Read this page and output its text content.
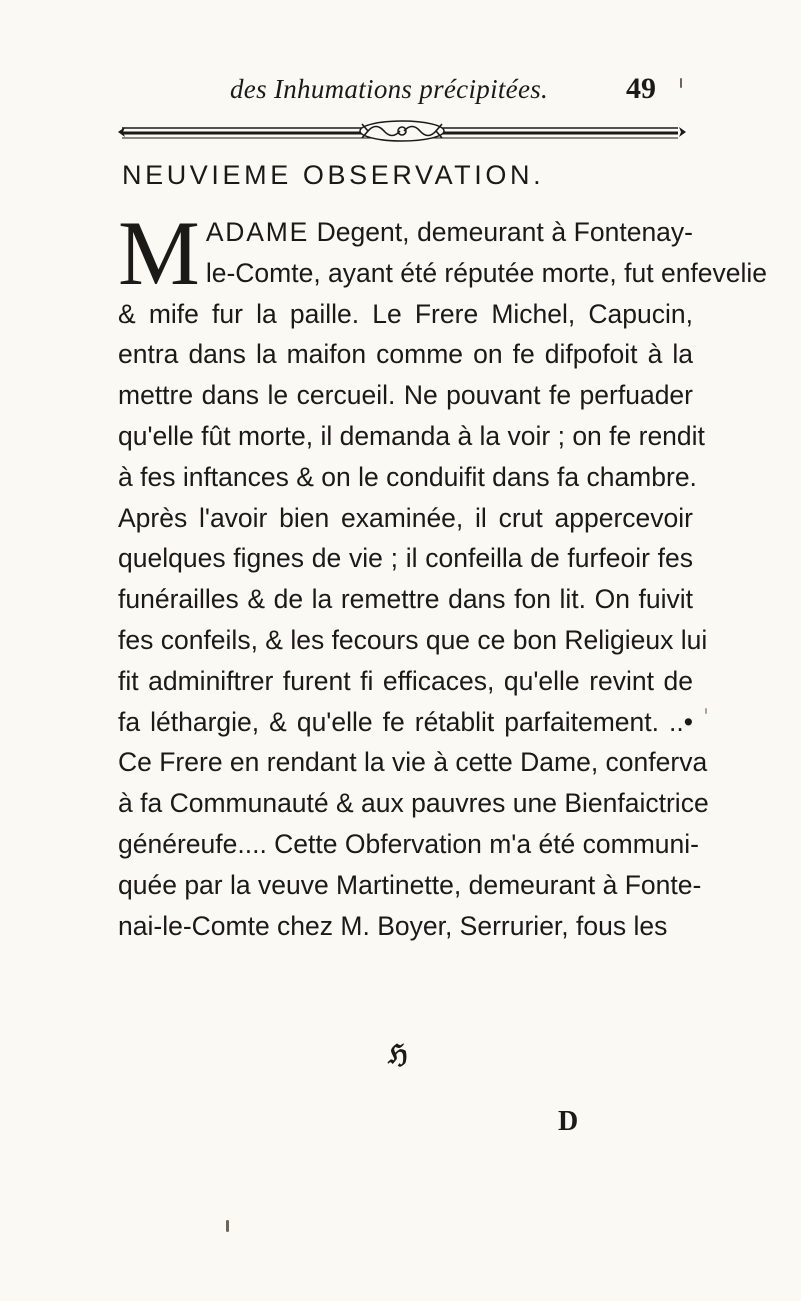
des Inhumations précipitées.	49
NEUVIEME OBSERVATION.
M ADAME Degent, demeurant à Fontenay-
le-Comte, ayant été réputée morte, fut enfevelie
& mife fur la paille. Le Frere Michel, Capucin,
entra dans la maifon comme on fe difpofoit à la
mettre dans le cercueil. Ne pouvant fe perfuader
qu'elle fût morte, il demanda à la voir ; on fe rendit
à fes inftances & on le conduifit dans fa chambre.
Après l'avoir bien examinée, il crut appercevoir
quelques fignes de vie ; il confeilla de furfeoir fes
funérailles & de la remettre dans fon lit. On fuivit
fes confeils, & les fecours que ce bon Religieux lui
fit adminiftrer furent fi efficaces, qu'elle revint de
fa léthargie, & qu'elle fe rétablit parfaitement. ..•
Ce Frere en rendant la vie à cette Dame, conferva
à fa Communauté & aux pauvres une Bienfaictrice
généreufe.... Cette Obfervation m'a été communi-
quée par la veuve Martinette, demeurant à Fonte-
nai-le-Comte chez M. Boyer, Serrurier, fous les
ℌ
D
